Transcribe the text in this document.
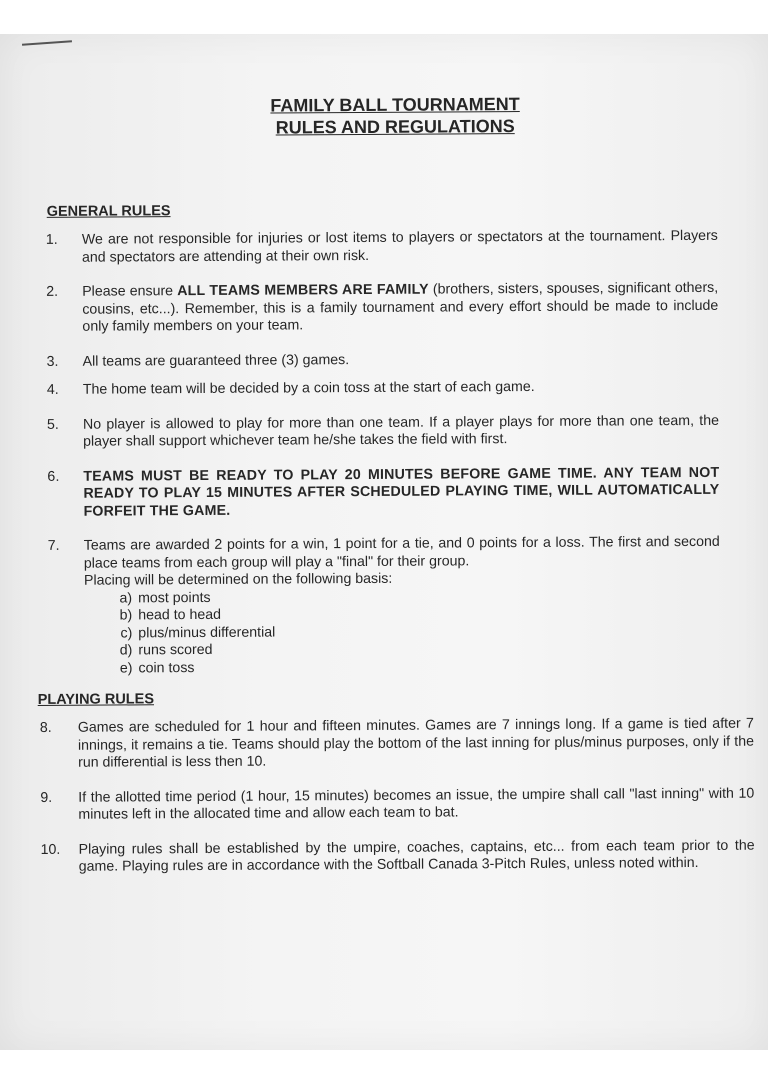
FAMILY BALL TOURNAMENT
RULES AND REGULATIONS
GENERAL RULES
1. We are not responsible for injuries or lost items to players or spectators at the tournament. Players and spectators are attending at their own risk.
2. Please ensure ALL TEAMS MEMBERS ARE FAMILY (brothers, sisters, spouses, significant others, cousins, etc...). Remember, this is a family tournament and every effort should be made to include only family members on your team.
3. All teams are guaranteed three (3) games.
4. The home team will be decided by a coin toss at the start of each game.
5. No player is allowed to play for more than one team. If a player plays for more than one team, the player shall support whichever team he/she takes the field with first.
6. TEAMS MUST BE READY TO PLAY 20 MINUTES BEFORE GAME TIME. ANY TEAM NOT READY TO PLAY 15 MINUTES AFTER SCHEDULED PLAYING TIME, WILL AUTOMATICALLY FORFEIT THE GAME.
7. Teams are awarded 2 points for a win, 1 point for a tie, and 0 points for a loss. The first and second place teams from each group will play a "final" for their group.
Placing will be determined on the following basis:
a) most points
b) head to head
c) plus/minus differential
d) runs scored
e) coin toss
PLAYING RULES
8. Games are scheduled for 1 hour and fifteen minutes. Games are 7 innings long. If a game is tied after 7 innings, it remains a tie. Teams should play the bottom of the last inning for plus/minus purposes, only if the run differential is less then 10.
9. If the allotted time period (1 hour, 15 minutes) becomes an issue, the umpire shall call "last inning" with 10 minutes left in the allocated time and allow each team to bat.
10. Playing rules shall be established by the umpire, coaches, captains, etc... from each team prior to the game. Playing rules are in accordance with the Softball Canada 3-Pitch Rules, unless noted within.
